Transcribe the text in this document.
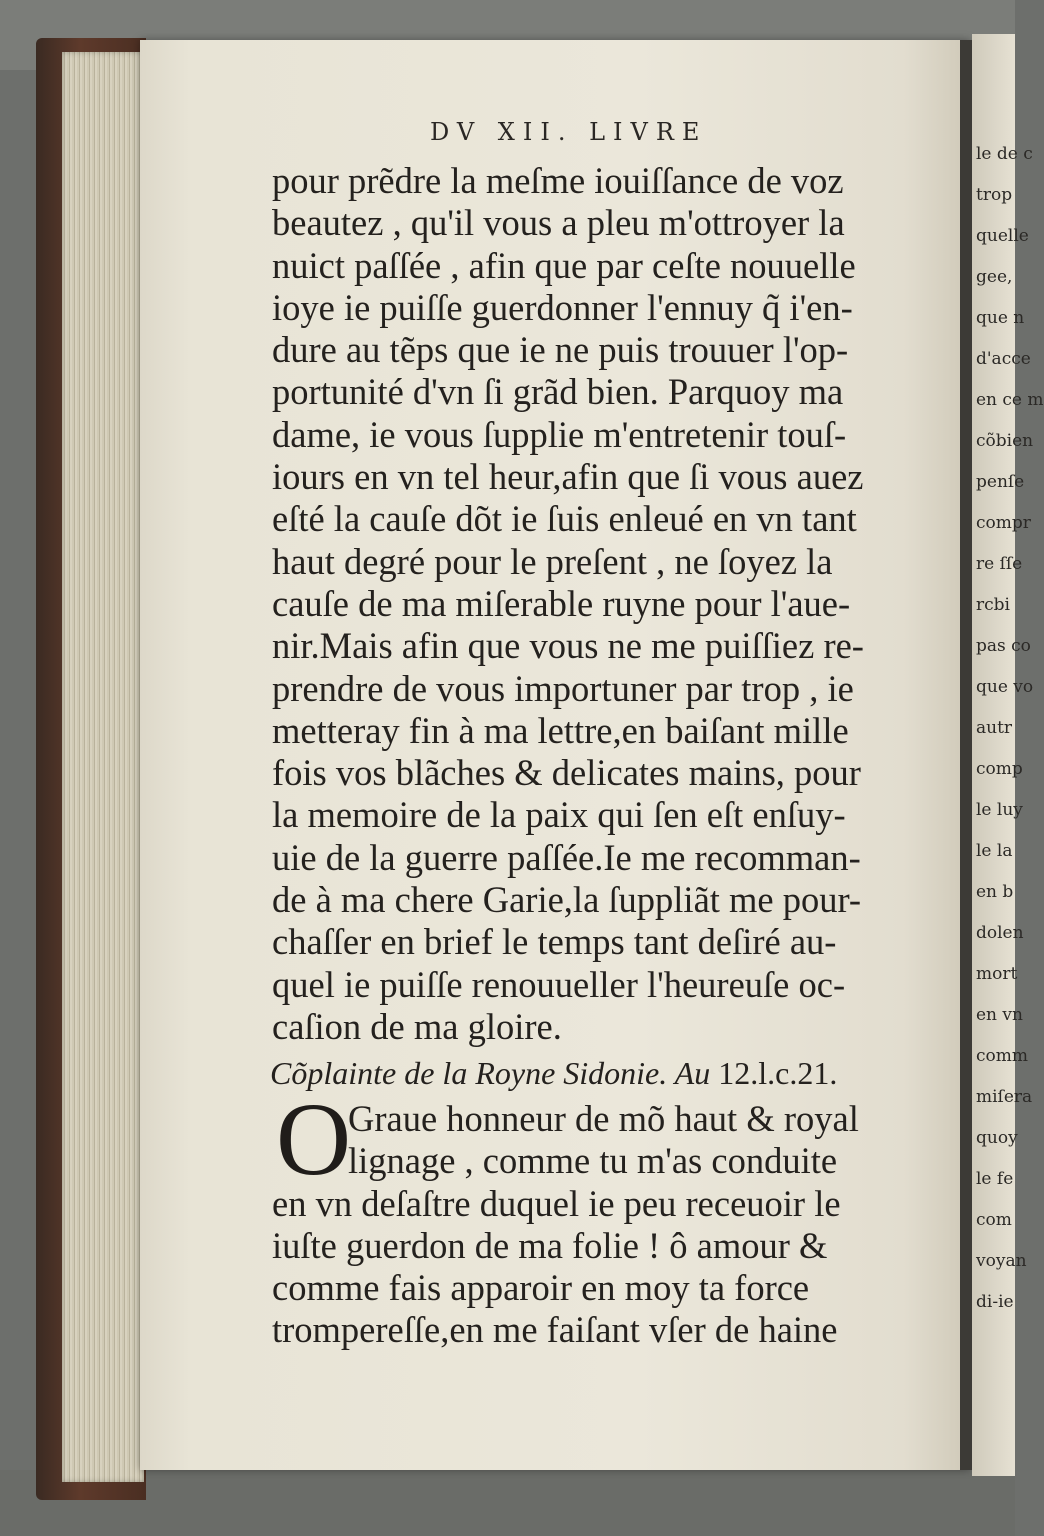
le de c
trop
quelle
gee,
que n
d'acce
en ce m
cõbien
penſe
compr
re ſſe
rcbi
pas co
que vo
autr
comp
le luy
le la
en b
dolen
mort
en vn
comm
miſera
quoy
le fe
com
voyan
di-ie
DV XII. LIVRE
pour prẽdre la meſme iouiſſance de voz
beautez , qu'il vous a pleu m'ottroyer la
nuict paſſée , afin que par ceſte nouuelle
ioye ie puiſſe guerdonner l'ennuy q̃ i'en-
dure au tẽps que ie ne puis trouuer l'op-
portunité d'vn ſi grãd bien. Parquoy ma
dame, ie vous ſupplie m'entretenir touſ-
iours en vn tel heur,afin que ſi vous auez
eſté la cauſe dõt ie ſuis enleué en vn tant
haut degré pour le preſent , ne ſoyez la
cauſe de ma miſerable ruyne pour l'aue-
nir.Mais afin que vous ne me puiſſiez re-
prendre de vous importuner par trop , ie
metteray fin à ma lettre,en baiſant mille
fois vos blãches & delicates mains, pour
la memoire de la paix qui ſen eſt enſuy-
uie de la guerre paſſée.Ie me recomman-
de à ma chere Garie,la ſuppliãt me pour-
chaſſer en brief le temps tant deſiré au-
quel ie puiſſe renouueller l'heureuſe oc-
caſion de ma gloire.
Cõplainte de la Royne Sidonie. Au 12.l.c.21.
O
Graue honneur de mõ haut & royal
lignage , comme tu m'as conduite
en vn deſaſtre duquel ie peu receuoir le
iuſte guerdon de ma folie ! ô amour &
comme fais apparoir en moy ta force
trompereſſe,en me faiſant vſer de haine
